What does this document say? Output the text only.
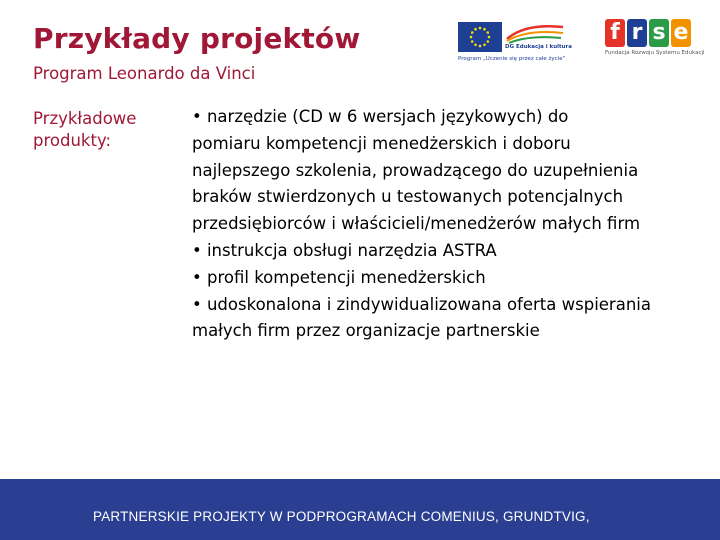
Przykłady projektów
Program Leonardo da Vinci
DG Edukacja i kultura
Program „Uczenie się przez całe życie”
f r s e
Fundacja Rozwoju Systemu Edukacji
Przykładowe
produkty:

• narzędzie (CD w 6 wersjach językowych) do

pomiaru kompetencji menedżerskich i doboru

najlepszego szkolenia, prowadzącego do uzupełnienia

braków stwierdzonych u testowanych potencjalnych

przedsiębiorców i właścicieli/menedżerów małych firm

• instrukcja obsługi narzędzia ASTRA

• profil kompetencji menedżerskich

• udoskonalona i zindywidualizowana oferta wspierania

małych firm przez organizacje partnerskie

PARTNERSKIE PROJEKTY W PODPROGRAMACH COMENIUS, GRUNDTVIG,
